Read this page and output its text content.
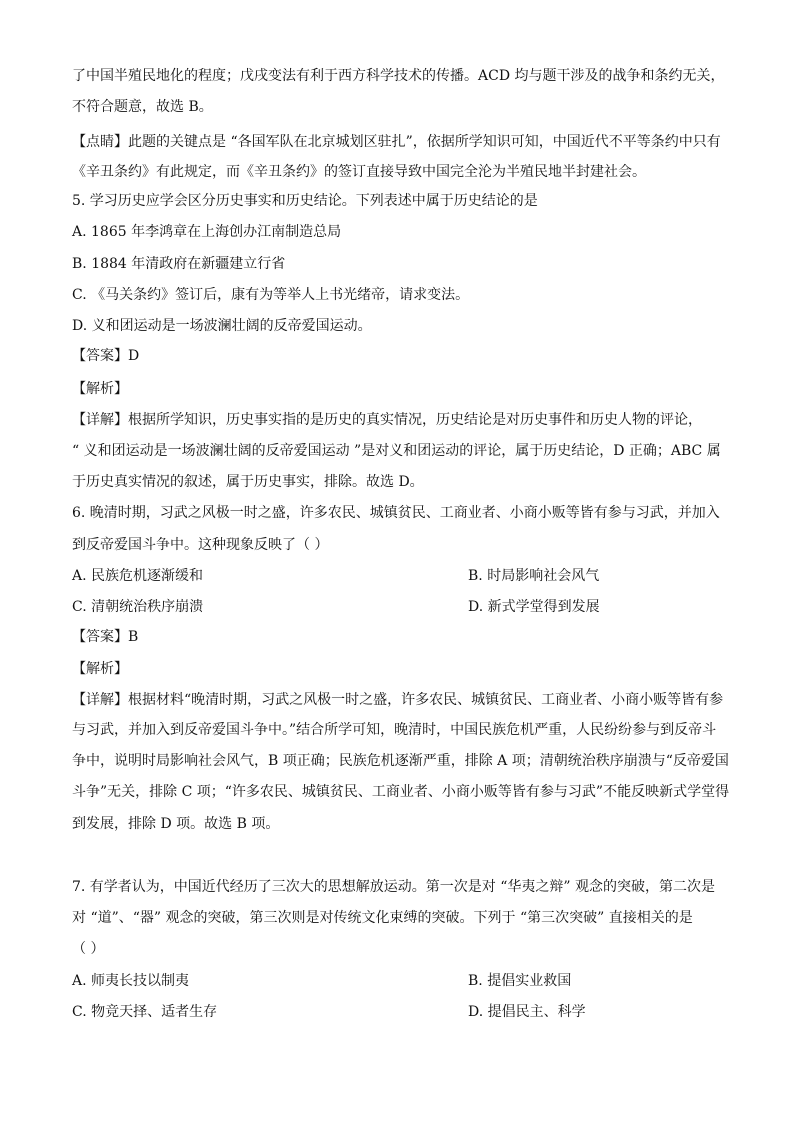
了中国半殖民地化的程度；戊戌变法有利于西方科学技术的传播。ACD 均与题干涉及的战争和条约无关，
不符合题意，故选 B。
【点睛】此题的关键点是 “各国军队在北京城划区驻扎”，依据所学知识可知，中国近代不平等条约中只有
《辛丑条约》有此规定，而《辛丑条约》的签订直接导致中国完全沦为半殖民地半封建社会。
5. 学习历史应学会区分历史事实和历史结论。下列表述中属于历史结论的是
A. 1865 年李鸿章在上海创办江南制造总局
B. 1884 年清政府在新疆建立行省
C. 《马关条约》签订后，康有为等举人上书光绪帝，请求变法。
D. 义和团运动是一场波澜壮阔的反帝爱国运动。
【答案】D
【解析】
【详解】根据所学知识，历史事实指的是历史的真实情况，历史结论是对历史事件和历史人物的评论，
“ 义和团运动是一场波澜壮阔的反帝爱国运动 ”是对义和团运动的评论，属于历史结论，D 正确；ABC 属
于历史真实情况的叙述，属于历史事实，排除。故选 D。
6. 晚清时期，习武之风极一时之盛，许多农民、城镇贫民、工商业者、小商小贩等皆有参与习武，并加入
到反帝爱国斗争中。这种现象反映了（ ）
A. 民族危机逐渐缓和	B. 时局影响社会风气
C. 清朝统治秩序崩溃	D. 新式学堂得到发展
【答案】B
【解析】
【详解】根据材料“晚清时期，习武之风极一时之盛，许多农民、城镇贫民、工商业者、小商小贩等皆有参
与习武，并加入到反帝爱国斗争中。”结合所学可知，晚清时，中国民族危机严重，人民纷纷参与到反帝斗
争中，说明时局影响社会风气，B 项正确；民族危机逐渐严重，排除 A 项；清朝统治秩序崩溃与“反帝爱国
斗争”无关，排除 C 项；“许多农民、城镇贫民、工商业者、小商小贩等皆有参与习武”不能反映新式学堂得
到发展，排除 D 项。故选 B 项。
7. 有学者认为，中国近代经历了三次大的思想解放运动。第一次是对 “华夷之辩” 观念的突破，第二次是
对 “道”、“器” 观念的突破，第三次则是对传统文化束缚的突破。下列于 “第三次突破” 直接相关的是
（ ）
A. 师夷长技以制夷	B. 提倡实业救国
C. 物竞天择、适者生存	D. 提倡民主、科学
